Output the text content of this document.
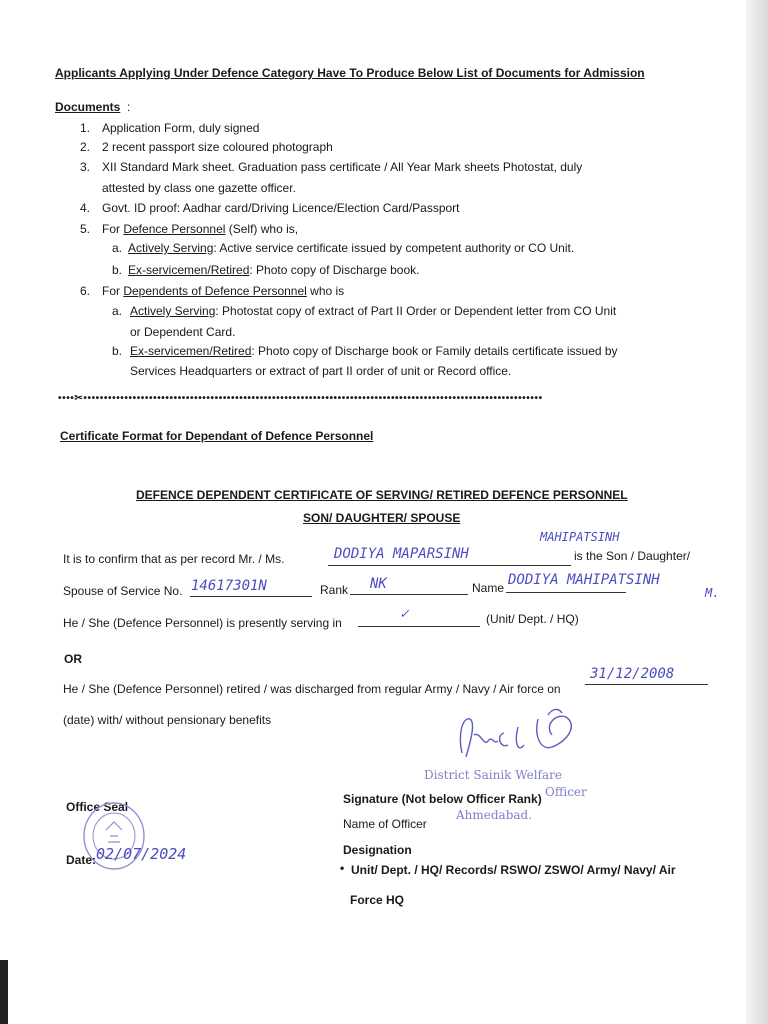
Applicants Applying Under Defence Category Have To Produce Below List of Documents for Admission
Documents :
1. Application Form, duly signed
2. 2 recent passport size coloured photograph
3. XII Standard Mark sheet. Graduation pass certificate / All Year Mark sheets Photostat, duly
attested by class one gazette officer.
4. Govt. ID proof: Aadhar card/Driving Licence/Election Card/Passport
5. For Defence Personnel (Self) who is,
a. Actively Serving: Active service certificate issued by competent authority or CO Unit.
b. Ex-servicemen/Retired: Photo copy of Discharge book.
6. For Dependents of Defence Personnel who is
a. Actively Serving: Photostat copy of extract of Part II Order or Dependent letter from CO Unit
or Dependent Card.
b. Ex-servicemen/Retired: Photo copy of Discharge book or Family details certificate issued by
Services Headquarters or extract of part II order of unit or Record office.
••••✂••••••••••••••••••••••••••••••••••••••••••••••••••••••••••••••••••••••••••••••••••••••••••••••••••••••••••••••••
Certificate Format for Dependant of Defence Personnel
DEFENCE DEPENDENT CERTIFICATE OF SERVING/ RETIRED DEFENCE PERSONNEL
SON/ DAUGHTER/ SPOUSE
It is to confirm that as per record Mr. / Ms.	DODIYA MAPARSINH
MAHIPATSINH
is the Son / Daughter/
Spouse of Service No. 14617301N	Rank NK	Name DODIYA MAHIPATSINH
M.
He / She (Defence Personnel) is presently serving in
✓	(Unit/ Dept. / HQ)
OR
He / She (Defence Personnel) retired / was discharged from regular Army / Navy / Air force on
31/12/2008
(date) with/ without pensionary benefits
District Sainik Welfare
Officer
Ahmedabad.
Office Seal
Date: 02/07/2024
Signature (Not below Officer Rank)
Name of Officer
Designation
• Unit/ Dept. / HQ/ Records/ RSWO/ ZSWO/ Army/ Navy/ Air
Force HQ
